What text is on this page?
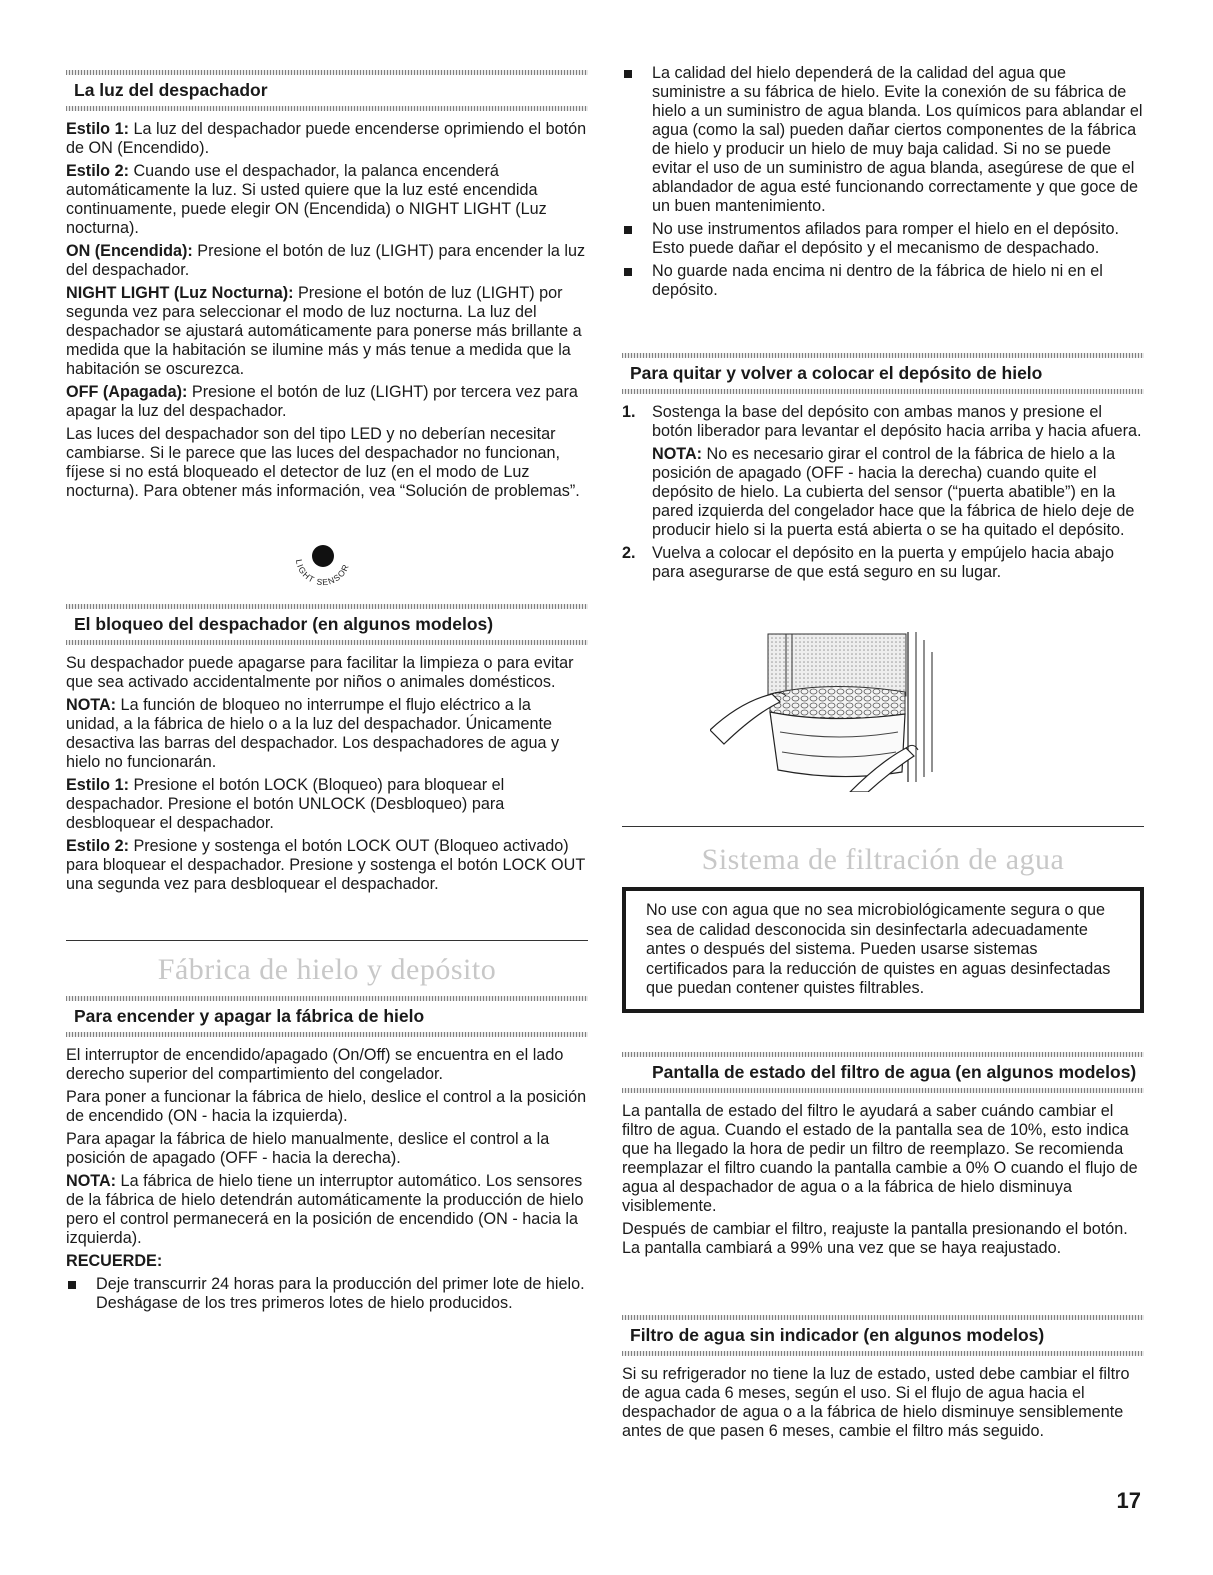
La luz del despachador

Estilo 1: La luz del despachador puede encenderse oprimiendo el botón de ON (Encendido).

Estilo 2: Cuando use el despachador, la palanca encenderá automáticamente la luz. Si usted quiere que la luz esté encendida continuamente, puede elegir ON (Encendida) o NIGHT LIGHT (Luz nocturna).

ON (Encendida): Presione el botón de luz (LIGHT) para encender la luz del despachador.

NIGHT LIGHT (Luz Nocturna): Presione el botón de luz (LIGHT) por segunda vez para seleccionar el modo de luz nocturna. La luz del despachador se ajustará automáticamente para ponerse más brillante a medida que la habitación se ilumine más y más tenue a medida que la habitación se oscurezca.

OFF (Apagada): Presione el botón de luz (LIGHT) por tercera vez para apagar la luz del despachador.

Las luces del despachador son del tipo LED y no deberían necesitar cambiarse. Si le parece que las luces del despachador no funcionan, fíjese si no está bloqueado el detector de luz (en el modo de Luz nocturna). Para obtener más información, vea “Solución de problemas”.

LIGHT SENSOR
El bloqueo del despachador (en algunos modelos)

Su despachador puede apagarse para facilitar la limpieza o para evitar que sea activado accidentalmente por niños o animales domésticos.

NOTA: La función de bloqueo no interrumpe el flujo eléctrico a la unidad, a la fábrica de hielo o a la luz del despachador. Únicamente desactiva las barras del despachador. Los despachadores de agua y hielo no funcionarán.

Estilo 1: Presione el botón LOCK (Bloqueo) para bloquear el despachador. Presione el botón UNLOCK (Desbloqueo) para desbloquear el despachador.

Estilo 2: Presione y sostenga el botón LOCK OUT (Bloqueo activado) para bloquear el despachador. Presione y sostenga el botón LOCK OUT una segunda vez para desbloquear el despachador.

Fábrica de hielo y depósito
Para encender y apagar la fábrica de hielo

El interruptor de encendido/apagado (On/Off) se encuentra en el lado derecho superior del compartimiento del congelador.

Para poner a funcionar la fábrica de hielo, deslice el control a la posición de encendido (ON - hacia la izquierda).

Para apagar la fábrica de hielo manualmente, deslice el control a la posición de apagado (OFF - hacia la derecha).

NOTA: La fábrica de hielo tiene un interruptor automático. Los sensores de la fábrica de hielo detendrán automáticamente la producción de hielo pero el control permanecerá en la posición de encendido (ON - hacia la izquierda).

RECUERDE:

Deje transcurrir 24 horas para la producción del primer lote de hielo. Deshágase de los tres primeros lotes de hielo producidos.

La calidad del hielo dependerá de la calidad del agua que suministre a su fábrica de hielo. Evite la conexión de su fábrica de hielo a un suministro de agua blanda. Los químicos para ablandar el agua (como la sal) pueden dañar ciertos componentes de la fábrica de hielo y producir un hielo de muy baja calidad. Si no se puede evitar el uso de un suministro de agua blanda, asegúrese de que el ablandador de agua esté funcionando correctamente y que goce de un buen mantenimiento.

No use instrumentos afilados para romper el hielo en el depósito. Esto puede dañar el depósito y el mecanismo de despachado.

No guarde nada encima ni dentro de la fábrica de hielo ni en el depósito.

Para quitar y volver a colocar el depósito de hielo
1. Sostenga la base del depósito con ambas manos y presione el botón liberador para levantar el depósito hacia arriba y hacia afuera.

NOTA: No es necesario girar el control de la fábrica de hielo a la posición de apagado (OFF - hacia la derecha) cuando quite el depósito de hielo. La cubierta del sensor (“puerta abatible”) en la pared izquierda del congelador hace que la fábrica de hielo deje de producir hielo si la puerta está abierta o se ha quitado el depósito.

2. Vuelva a colocar el depósito en la puerta y empújelo hacia abajo para asegurarse de que está seguro en su lugar.

Sistema de filtración de agua

No use con agua que no sea microbiológicamente segura o que sea de calidad desconocida sin desinfectarla adecuadamente antes o después del sistema. Pueden usarse sistemas certificados para la reducción de quistes en aguas desinfectadas que puedan contener quistes filtrables.

Pantalla de estado del filtro de agua (en algunos modelos)

La pantalla de estado del filtro le ayudará a saber cuándo cambiar el filtro de agua. Cuando el estado de la pantalla sea de 10%, esto indica que ha llegado la hora de pedir un filtro de reemplazo. Se recomienda reemplazar el filtro cuando la pantalla cambie a 0% O cuando el flujo de agua al despachador de agua o a la fábrica de hielo disminuya visiblemente.

Después de cambiar el filtro, reajuste la pantalla presionando el botón. La pantalla cambiará a 99% una vez que se haya reajustado.

Filtro de agua sin indicador (en algunos modelos)

Si su refrigerador no tiene la luz de estado, usted debe cambiar el filtro de agua cada 6 meses, según el uso. Si el flujo de agua hacia el despachador de agua o a la fábrica de hielo disminuye sensiblemente antes de que pasen 6 meses, cambie el filtro más seguido.

17
